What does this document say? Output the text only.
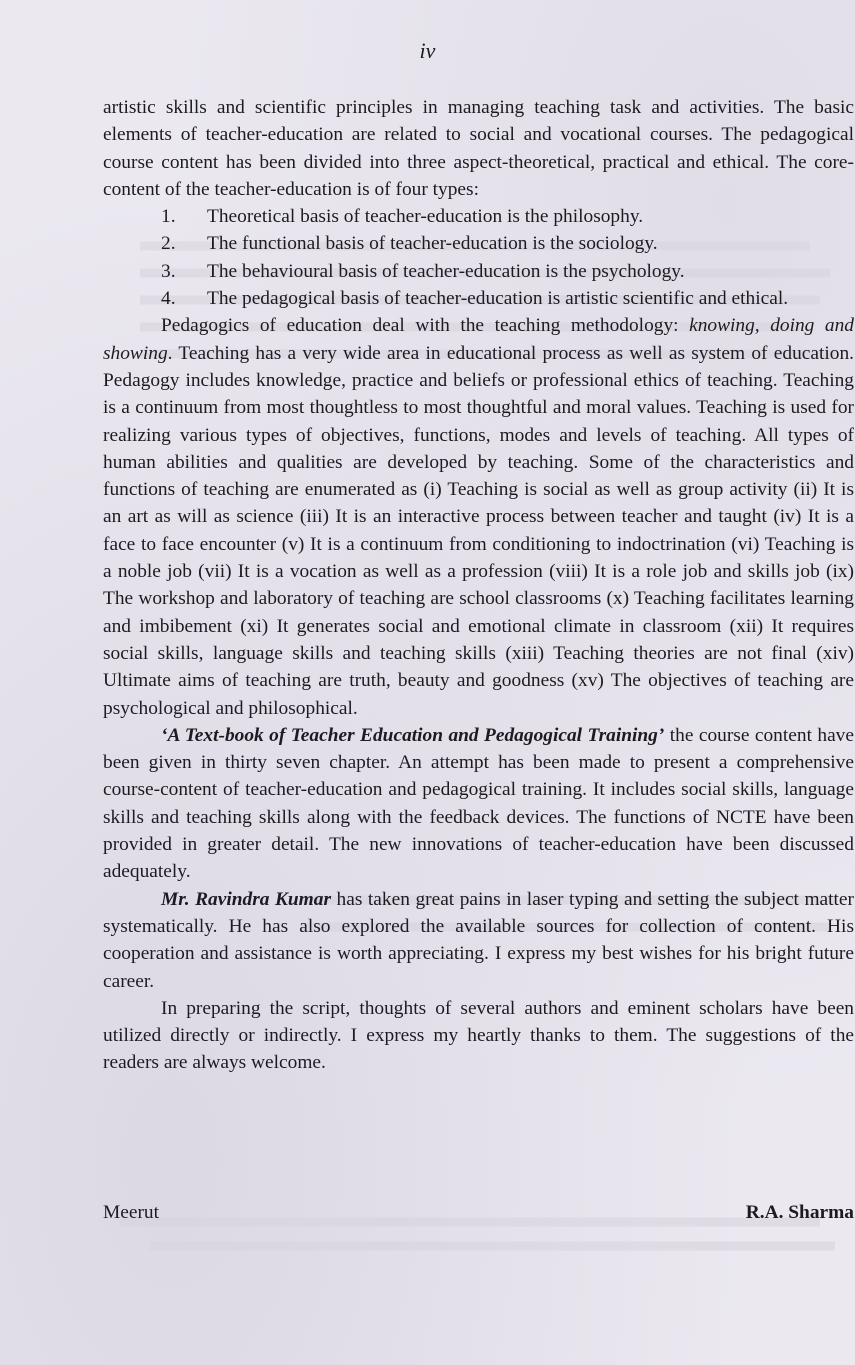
iv

artistic skills and scientific principles in managing teaching task and activities. The basic elements of teacher-education are related to social and vocational courses. The pedagogical course content has been divided into three aspect-theoretical, practical and ethical. The core-content of the teacher-education is of four types:

1. Theoretical basis of teacher-education is the philosophy.
2. The functional basis of teacher-education is the sociology.
3. The behavioural basis of teacher-education is the psychology.
4. The pedagogical basis of teacher-education is artistic scientific and ethical.

Pedagogics of education deal with the teaching methodology: knowing, doing and showing. Teaching has a very wide area in educational process as well as system of education. Pedagogy includes knowledge, practice and beliefs or professional ethics of teaching. Teaching is a continuum from most thoughtless to most thoughtful and moral values. Teaching is used for realizing various types of objectives, functions, modes and levels of teaching. All types of human abilities and qualities are developed by teaching. Some of the characteristics and functions of teaching are enumerated as (i) Teaching is social as well as group activity (ii) It is an art as will as science (iii) It is an interactive process between teacher and taught (iv) It is a face to face encounter (v) It is a continuum from conditioning to indoctrination (vi) Teaching is a noble job (vii) It is a vocation as well as a profession (viii) It is a role job and skills job (ix) The workshop and laboratory of teaching are school classrooms (x) Teaching facilitates learning and imbibement (xi) It generates social and emotional climate in classroom (xii) It requires social skills, language skills and teaching skills (xiii) Teaching theories are not final (xiv) Ultimate aims of teaching are truth, beauty and goodness (xv) The objectives of teaching are psychological and philosophical.

‘A Text-book of Teacher Education and Pedagogical Training’ the course content have been given in thirty seven chapter. An attempt has been made to present a comprehensive course-content of teacher-education and pedagogical training. It includes social skills, language skills and teaching skills along with the feedback devices. The functions of NCTE have been provided in greater detail. The new innovations of teacher-education have been discussed adequately.

Mr. Ravindra Kumar has taken great pains in laser typing and setting the subject matter systematically. He has also explored the available sources for collection of content. His cooperation and assistance is worth appreciating. I express my best wishes for his bright future career.

In preparing the script, thoughts of several authors and eminent scholars have been utilized directly or indirectly. I express my heartly thanks to them. The suggestions of the readers are always welcome.

Meerut	R.A. Sharma
